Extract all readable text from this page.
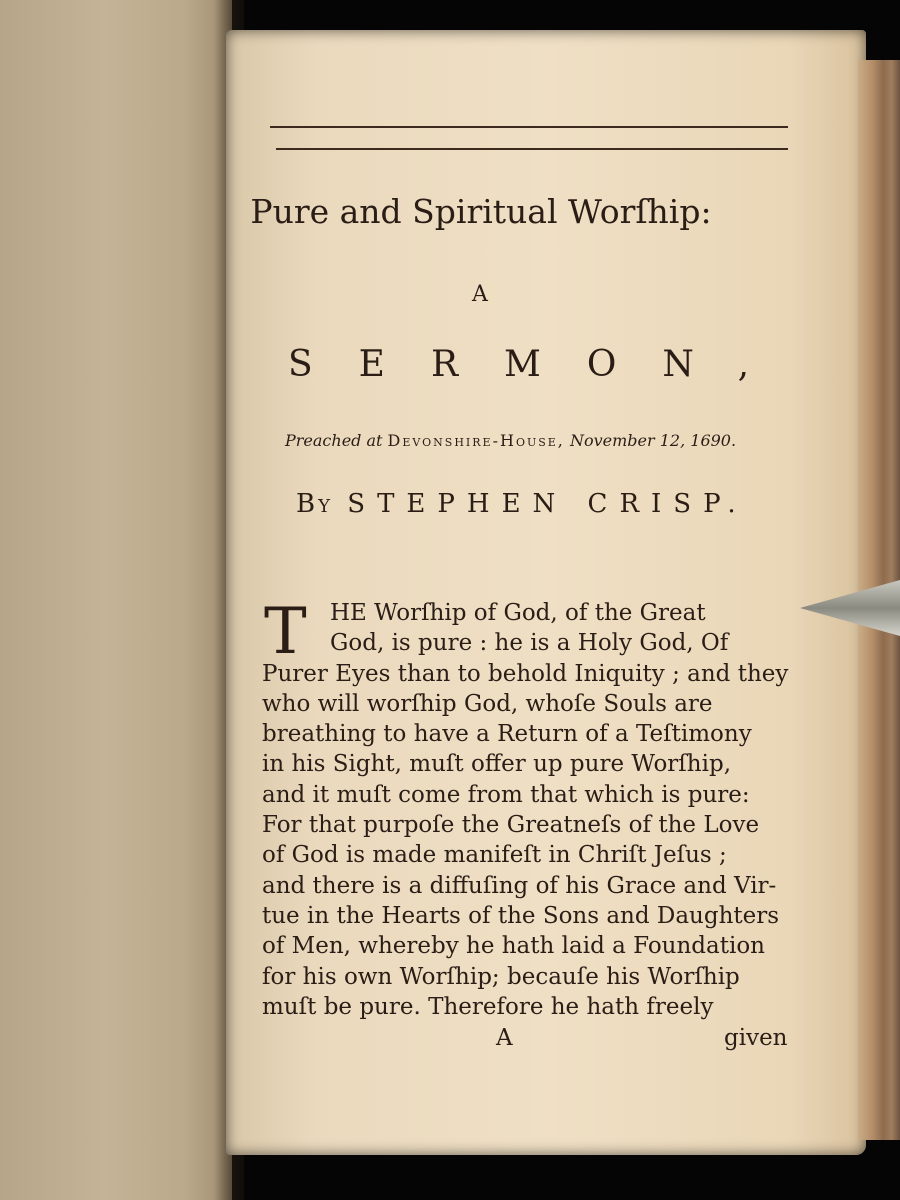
Pure and Spiritual Worſhip:
A
SERMON,
Preached at Devonshire-House, November 12, 1690.
By STEPHEN CRISP.
T	HE Worſhip of God, of the Great
God, is pure : he is a Holy God, Of
Purer Eyes than to behold Iniquity ; and they
who will worſhip God, whoſe Souls are
breathing to have a Return of a Teſtimony
in his Sight, muſt offer up pure Worſhip,
and it muſt come from that which is pure:
For that purpoſe the Greatneſs of the Love
of God is made manifeſt in Chriſt Jeſus ;
and there is a diffuſing of his Grace and Vir-
tue in the Hearts of the Sons and Daughters
of Men, whereby he hath laid a Foundation
for his own Worſhip; becauſe his Worſhip
muſt be pure. Therefore he hath freely
A	given
